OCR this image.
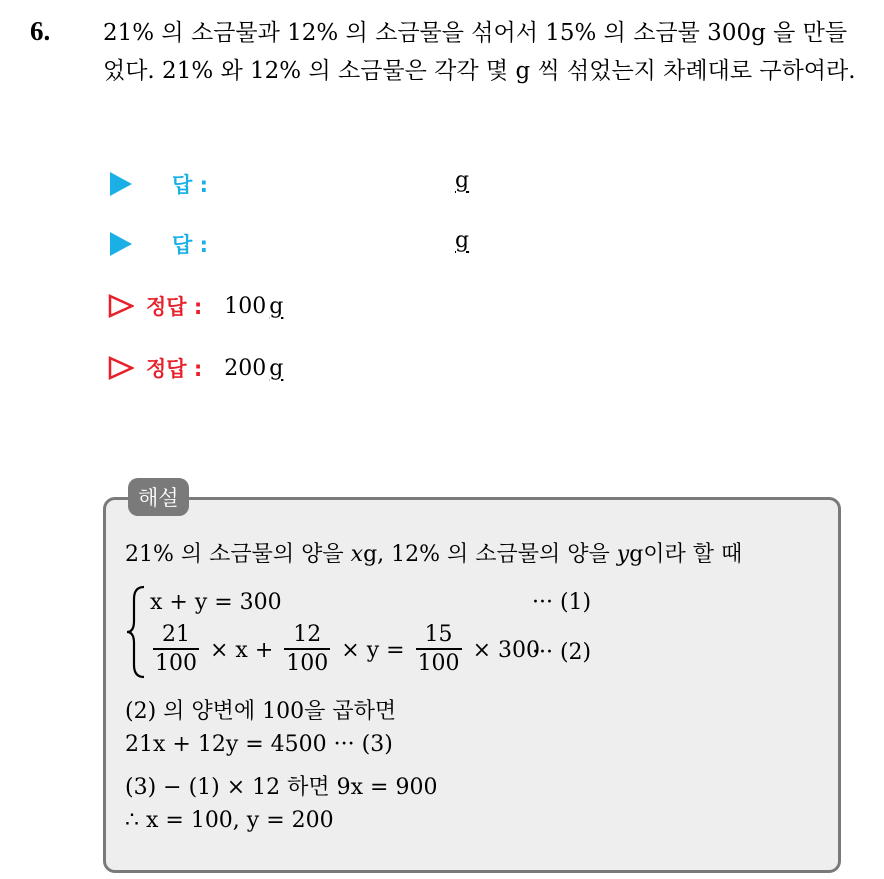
6. 21% 의 소금물과 12% 의 소금물을 섞어서 15% 의 소금물 300g 을 만들었다. 21% 와 12% 의 소금물은 각각 몇 g 씩 섞었는지 차례대로 구하여라.

답 :	g
답 :	g
정답 : 100 g
정답 : 200 g
해설
21% 의 소금물의 양을 xg, 12% 의 소금물의 양을 yg이라 할 때
x + y = 300
$\frac{21}{100} \times x + \frac{12}{100} \times y = \frac{15}{100} \times 300$
··· (1)
··· (2)
(2) 의 양변에 100을 곱하면
21x + 12y = 4500 ··· (3)
(3) − (1) × 12 하면 9x = 900
∴ x = 100, y = 200
